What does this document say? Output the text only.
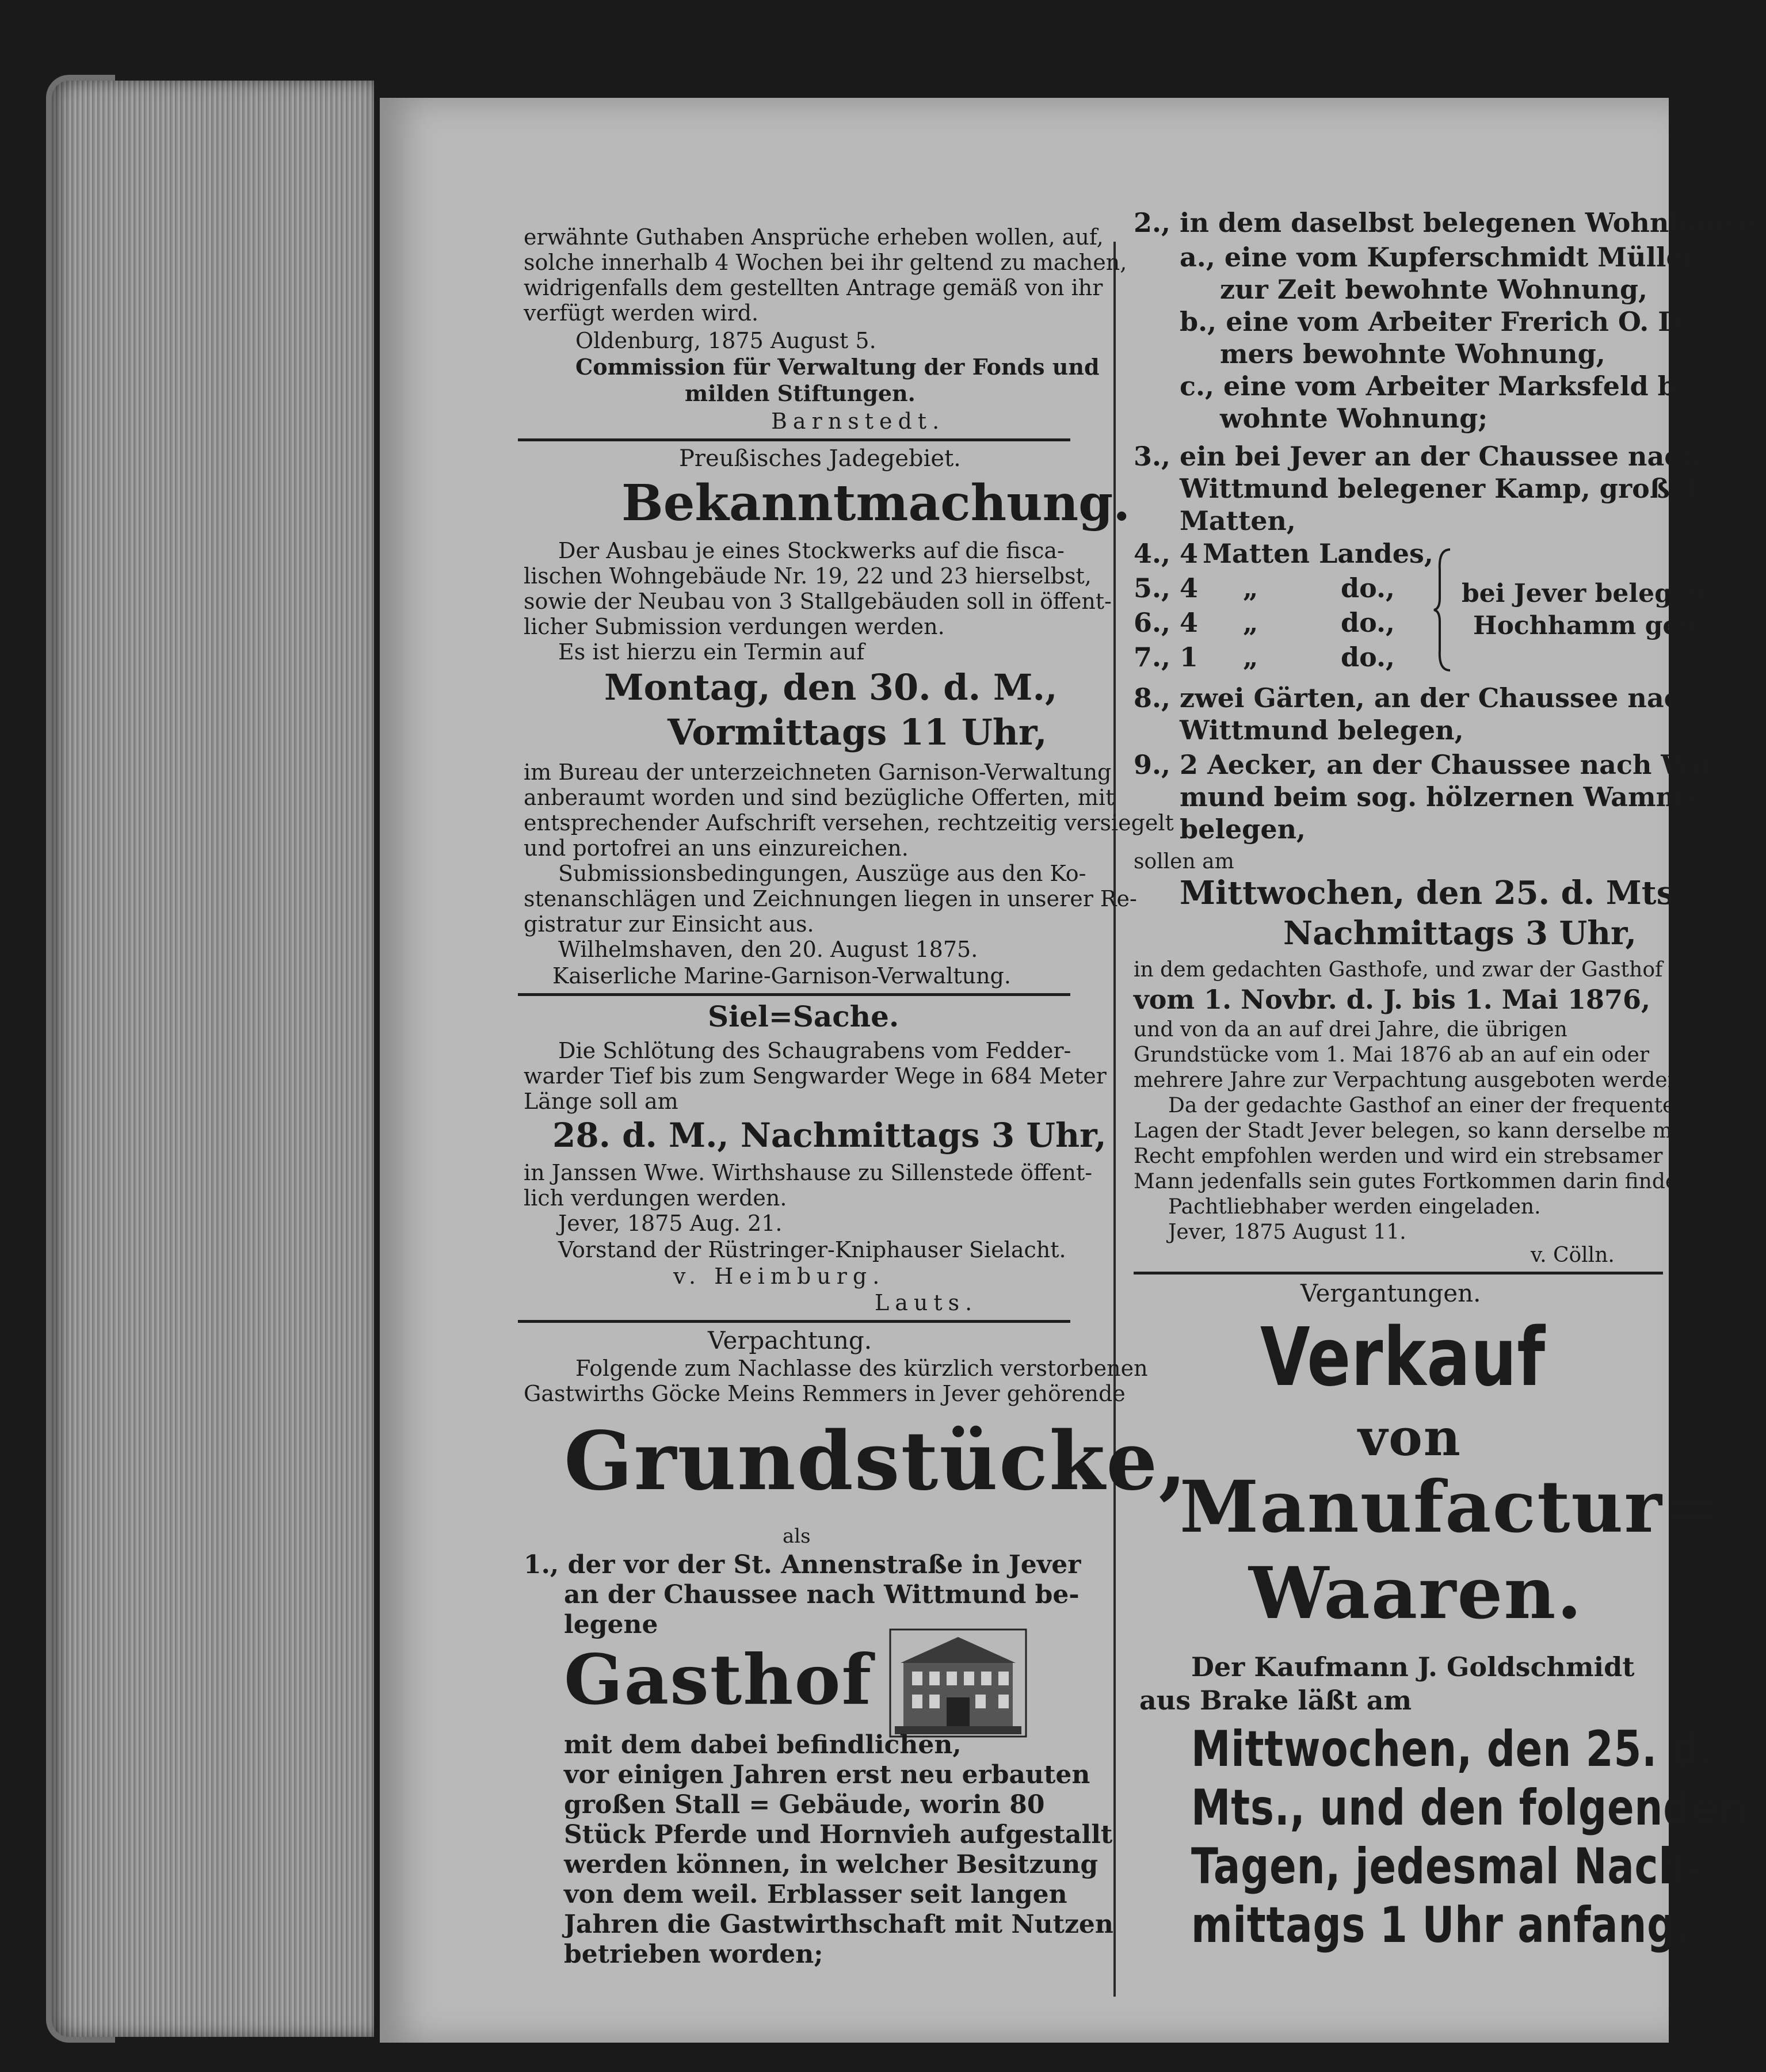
erwähnte Guthaben Ansprüche erheben wollen, auf,
solche innerhalb 4 Wochen bei ihr geltend zu machen,
widrigenfalls dem gestellten Antrage gemäß von ihr
verfügt werden wird.
Oldenburg, 1875 August 5.
Commission für Verwaltung der Fonds und
milden Stiftungen.
Barnstedt.
Preußisches Jadegebiet.
Bekanntmachung.
Der Ausbau je eines Stockwerks auf die fisca-
lischen Wohngebäude Nr. 19, 22 und 23 hierselbst,
sowie der Neubau von 3 Stallgebäuden soll in öffent-
licher Submission verdungen werden.
Es ist hierzu ein Termin auf
Montag, den 30. d. M.,
Vormittags 11 Uhr,
im Bureau der unterzeichneten Garnison-Verwaltung
anberaumt worden und sind bezügliche Offerten, mit
entsprechender Aufschrift versehen, rechtzeitig versiegelt
und portofrei an uns einzureichen.
Submissionsbedingungen, Auszüge aus den Ko-
stenanschlägen und Zeichnungen liegen in unserer Re-
gistratur zur Einsicht aus.
Wilhelmshaven, den 20. August 1875.
Kaiserliche Marine-Garnison-Verwaltung.
Siel=Sache.
Die Schlötung des Schaugrabens vom Fedder-
warder Tief bis zum Sengwarder Wege in 684 Meter
Länge soll am
28. d. M., Nachmittags 3 Uhr,
in Janssen Wwe. Wirthshause zu Sillenstede öffent-
lich verdungen werden.
Jever, 1875 Aug. 21.
Vorstand der Rüstringer-Kniphauser Sielacht.
v. Heimburg.
Lauts.
Verpachtung.
Folgende zum Nachlasse des kürzlich verstorbenen
Gastwirths Göcke Meins Remmers in Jever gehörende
Grundstücke,
als
1., der vor der St. Annenstraße in Jever
an der Chaussee nach Wittmund be-
legene
Gasthof
mit dem dabei befindlichen,
vor einigen Jahren erst neu erbauten
großen Stall = Gebäude, worin 80
Stück Pferde und Hornvieh aufgestallt
werden können, in welcher Besitzung
von dem weil. Erblasser seit langen
Jahren die Gastwirthschaft mit Nutzen
betrieben worden;
2., in dem daselbst belegenen Wohnhause:
a., eine vom Kupferschmidt Müller
zur Zeit bewohnte Wohnung,
b., eine vom Arbeiter Frerich O. Det-
mers bewohnte Wohnung,
c., eine vom Arbeiter Marksfeld be-
wohnte Wohnung;
3., ein bei Jever an der Chaussee nach
Wittmund belegener Kamp, groß 4
Matten,
4., 4 Matten Landes,
5., 4 „	do.,
6., 4 „	do.,
7., 1 „	do.,
bei Jever belegen,
Hochhamm gen.;
8., zwei Gärten, an der Chaussee nach
Wittmund belegen,
9., 2 Aecker, an der Chaussee nach Witt-
mund beim sog. hölzernen Wamms
belegen,
sollen am
Mittwochen, den 25. d. Mts.,
Nachmittags 3 Uhr,
in dem gedachten Gasthofe, und zwar der Gasthof
vom 1. Novbr. d. J. bis 1. Mai 1876,
und von da an auf drei Jahre, die übrigen
Grundstücke vom 1. Mai 1876 ab an auf ein oder
mehrere Jahre zur Verpachtung ausgeboten werden.
Da der gedachte Gasthof an einer der frequentesten
Lagen der Stadt Jever belegen, so kann derselbe mit
Recht empfohlen werden und wird ein strebsamer
Mann jedenfalls sein gutes Fortkommen darin finden.
Pachtliebhaber werden eingeladen.
Jever, 1875 August 11.
v. Cölln.
Vergantungen.
Verkauf
von
Manufactur=
Waaren.
Der Kaufmann J. Goldschmidt
aus Brake läßt am
Mittwochen, den 25. d.
Mts., und den folgenden
Tagen, jedesmal Nach-
mittags 1 Uhr anfang.
